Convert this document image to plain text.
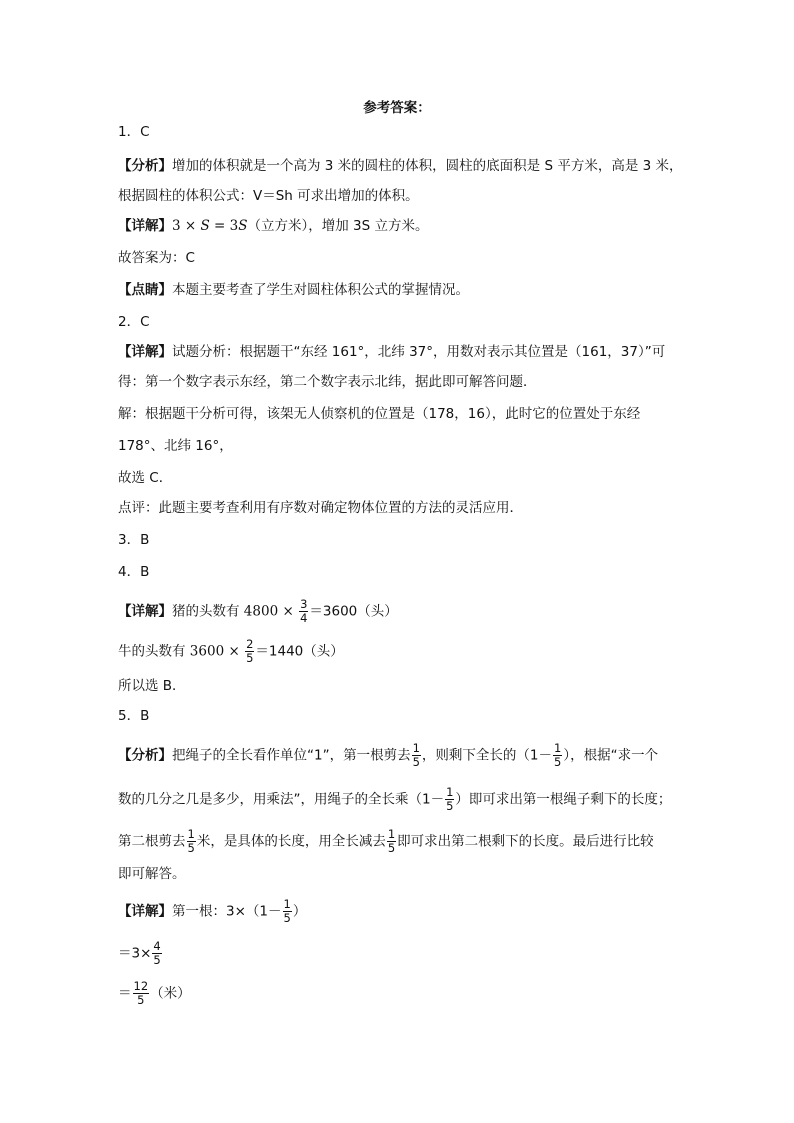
参考答案：
1．C
【分析】增加的体积就是一个高为 3 米的圆柱的体积，圆柱的底面积是 S 平方米，高是 3 米，
根据圆柱的体积公式：V＝Sh 可求出增加的体积。
【详解】3 × S = 3S（立方米），增加 3S 立方米。
故答案为：C
【点睛】本题主要考查了学生对圆柱体积公式的掌握情况。
2．C
【详解】试题分析：根据题干“东经 161°，北纬 37°，用数对表示其位置是（161，37）”可
得：第一个数字表示东经，第二个数字表示北纬，据此即可解答问题．
解：根据题干分析可得，该架无人侦察机的位置是（178，16），此时它的位置处于东经
178°、北纬 16°，
故选 C．
点评：此题主要考查利用有序数对确定物体位置的方法的灵活应用．
3．B
4．B
【详解】猪的头数有 $4800 \times \frac{3}{4} =3600$（头）
牛的头数有 $3600 \times \frac{2}{5} =1440$（头）
所以选 B．
5．B
【分析】把绳子的全长看作单位“1”，第一根剪去 $\frac{1}{5}$ ，则剩下全长的（$1- \frac{1}{5}$ ），根据“求一个
数的几分之几是多少，用乘法”，用绳子的全长乘（$1- \frac{1}{5}$ ）即可求出第一根绳子剩下的长度；
第二根剪去 $\frac{1}{5}$ 米，是具体的长度，用全长减去 $\frac{1}{5}$ 即可求出第二根剩下的长度。最后进行比较
即可解答。
【详解】第一根：$3\times(1- \frac{1}{5}$ ）
$=3\times \frac{4}{5}$
＝ $\frac{12}{5}$ （米）
